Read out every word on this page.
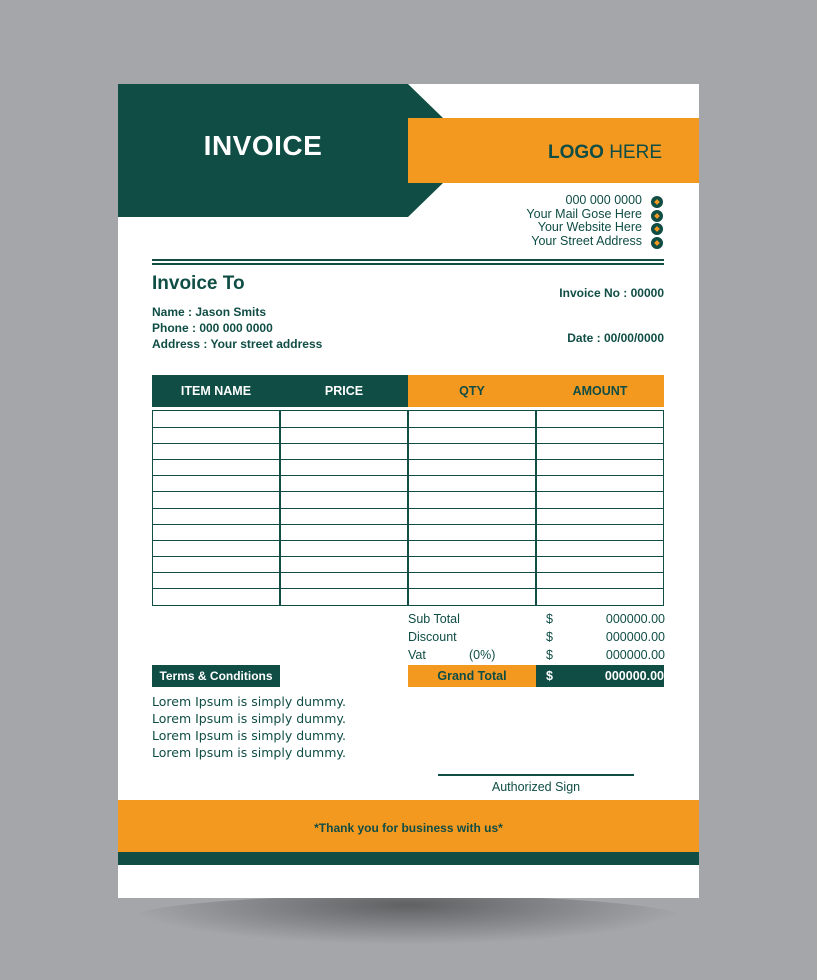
INVOICE	LOGO HERE
000 000 0000
Your Mail Gose Here
Your Website Here
Your Street Address
Invoice To
Name : Jason Smits
Phone : 000 000 0000
Address : Your street address
Invoice No : 00000
Date : 00/00/0000
ITEM NAME	PRICE	QTY	AMOUNT
Sub Total	$	000000.00
Discount	$	000000.00
Vat	(0%)	$	000000.00
Grand Total	$	000000.00
Terms & Conditions
Lorem Ipsum is simply dummy.
Lorem Ipsum is simply dummy.
Lorem Ipsum is simply dummy.
Lorem Ipsum is simply dummy.
Authorized Sign
*Thank you for business with us*
